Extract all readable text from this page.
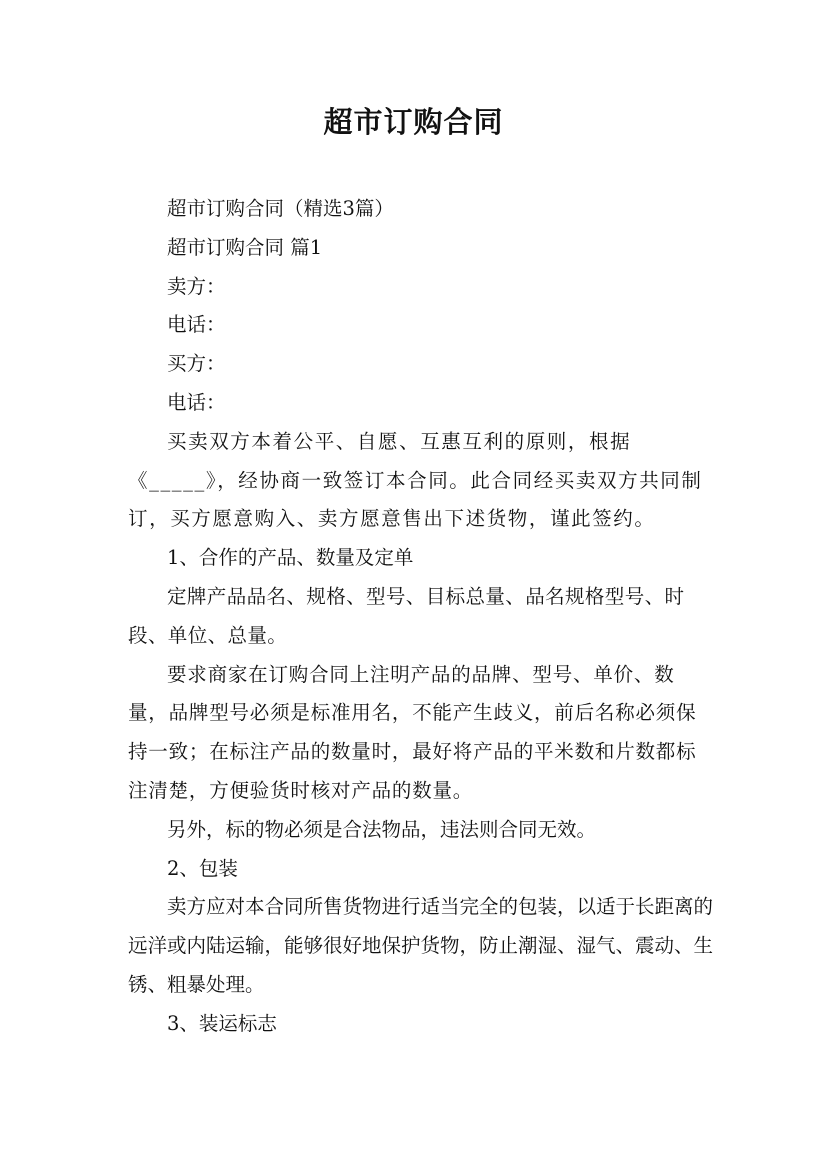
超市订购合同

超市订购合同（精选3篇）

超市订购合同 篇1

卖方：

电话：

买方：

电话：

买卖双方本着公平、自愿、互惠互利的原则，根据《_____》，经协商一致签订本合同。此合同经买卖双方共同制订，买方愿意购入、卖方愿意售出下述货物，谨此签约。

1、合作的产品、数量及定单

定牌产品品名、规格、型号、目标总量、品名规格型号、时段、单位、总量。

要求商家在订购合同上注明产品的品牌、型号、单价、数量，品牌型号必须是标准用名，不能产生歧义，前后名称必须保持一致；在标注产品的数量时，最好将产品的平米数和片数都标注清楚，方便验货时核对产品的数量。

另外，标的物必须是合法物品，违法则合同无效。

2、包装

卖方应对本合同所售货物进行适当完全的包装，以适于长距离的远洋或内陆运输，能够很好地保护货物，防止潮湿、湿气、震动、生锈、粗暴处理。

3、装运标志
